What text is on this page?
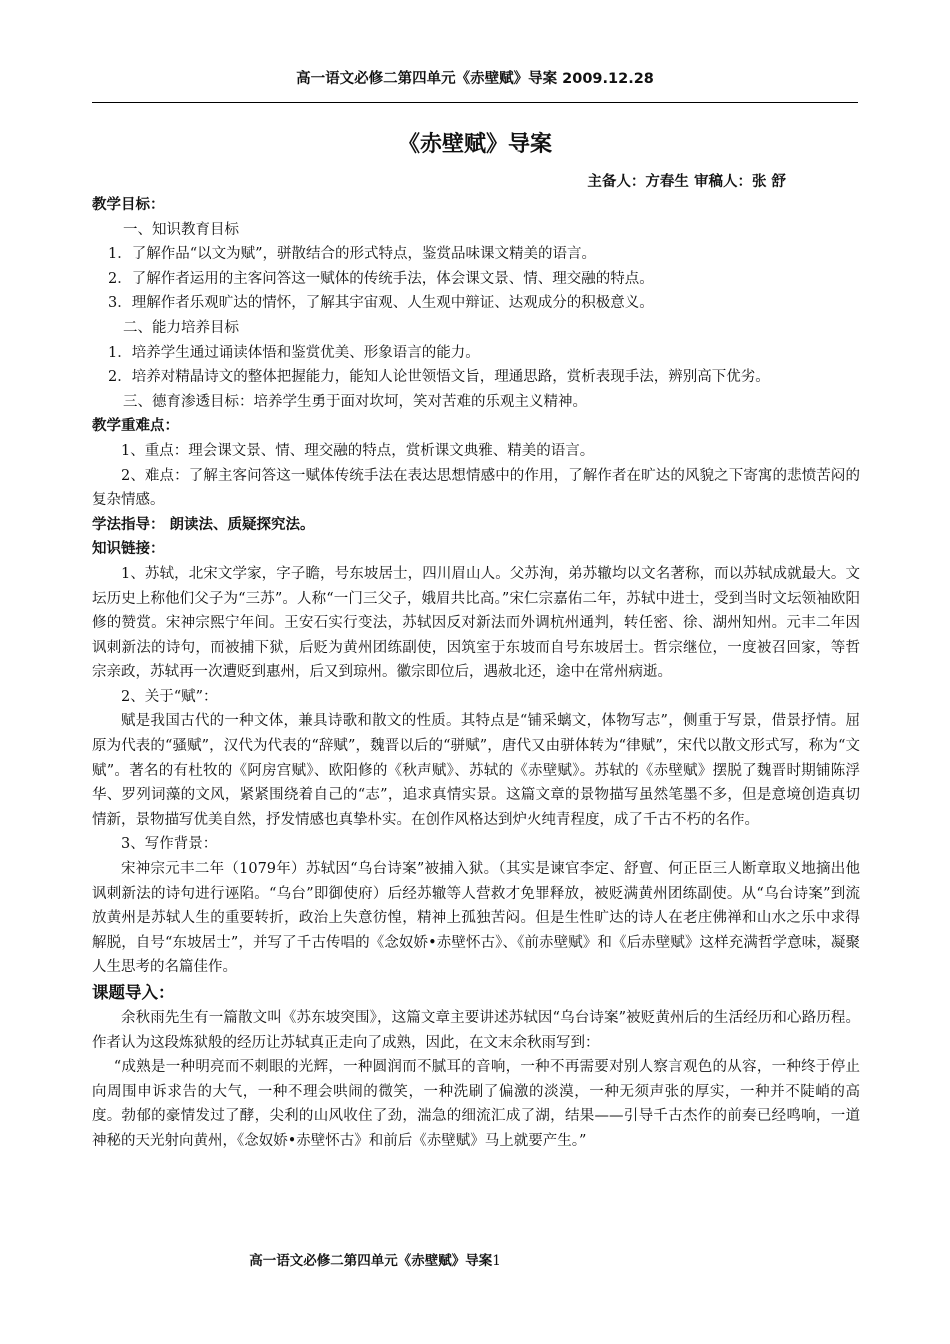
高一语文必修二第四单元《赤壁赋》导案 2009.12.28
《赤壁赋》导案
主备人：方春生 审稿人：张 舒

教学目标：

一、知识教育目标

1．了解作品“以文为赋”，骈散结合的形式特点，鉴赏品味课文精美的语言。

2．了解作者运用的主客问答这一赋体的传统手法，体会课文景、情、理交融的特点。

3．理解作者乐观旷达的情怀，了解其宇宙观、人生观中辩证、达观成分的积极意义。

二、能力培养目标

1．培养学生通过诵读体悟和鉴赏优美、形象语言的能力。

2．培养对精晶诗文的整体把握能力，能知人论世领悟文旨，理通思路，赏析表现手法，辨别高下优劣。

三、德育渗透目标：培养学生勇于面对坎坷，笑对苦难的乐观主义精神。

教学重难点：

1、重点：理会课文景、情、理交融的特点，赏析课文典雅、精美的语言。

2、难点：了解主客问答这一赋体传统手法在表达思想情感中的作用，了解作者在旷达的风貌之下寄寓的悲愤苦闷的复杂情感。

学法指导： 朗读法、质疑探究法。

知识链接：

1、苏轼，北宋文学家，字子瞻，号东坡居士，四川眉山人。父苏洵，弟苏辙均以文名著称，而以苏轼成就最大。文坛历史上称他们父子为“三苏”。人称“一门三父子，娥眉共比高。”宋仁宗嘉佑二年，苏轼中进士，受到当时文坛领袖欧阳修的赞赏。宋神宗熙宁年间。王安石实行变法，苏轼因反对新法而外调杭州通判，转任密、徐、湖州知州。元丰二年因讽刺新法的诗句，而被捕下狱，后贬为黄州团练副使，因筑室于东坡而自号东坡居士。哲宗继位，一度被召回家，等哲宗亲政，苏轼再一次遭贬到惠州，后又到琼州。徽宗即位后，遇赦北还，途中在常州病逝。

2、关于“赋”：

赋是我国古代的一种文体，兼具诗歌和散文的性质。其特点是“铺采螭文，体物写志”，侧重于写景，借景抒情。屈原为代表的“骚赋”，汉代为代表的“辞赋”，魏晋以后的“骈赋”，唐代又由骈体转为“律赋”，宋代以散文形式写，称为“文赋”。著名的有杜牧的《阿房宫赋》、欧阳修的《秋声赋》、苏轼的《赤壁赋》。苏轼的《赤壁赋》摆脱了魏晋时期铺陈浮华、罗列词藻的文风，紧紧围绕着自己的“志”，追求真情实景。这篇文章的景物描写虽然笔墨不多，但是意境创造真切情新，景物描写优美自然，抒发情感也真挚朴实。在创作风格达到炉火纯青程度，成了千古不朽的名作。

3、写作背景：

宋神宗元丰二年（1079年）苏轼因“乌台诗案”被捕入狱。（其实是谏官李定、舒亶、何正臣三人断章取义地摘出他讽刺新法的诗句进行诬陷。“乌台”即御使府）后经苏辙等人营救才免罪释放，被贬满黄州团练副使。从“乌台诗案”到流放黄州是苏轼人生的重要转折，政治上失意彷惶，精神上孤独苦闷。但是生性旷达的诗人在老庄佛禅和山水之乐中求得解脱，自号“东坡居士”，并写了千古传唱的《念奴娇•赤壁怀古》、《前赤壁赋》和《后赤壁赋》这样充满哲学意味，凝聚人生思考的名篇佳作。

课题导入：

余秋雨先生有一篇散文叫《苏东坡突围》，这篇文章主要讲述苏轼因“乌台诗案”被贬黄州后的生活经历和心路历程。作者认为这段炼狱般的经历让苏轼真正走向了成熟，因此，在文末余秋雨写到：

“成熟是一种明亮而不刺眼的光辉，一种圆润而不腻耳的音响，一种不再需要对别人察言观色的从容，一种终于停止向周围申诉求告的大气，一种不理会哄闹的微笑，一种洗刷了偏激的淡漠，一种无须声张的厚实，一种并不陡峭的高度。勃郁的豪情发过了酵，尖利的山风收住了劲，湍急的细流汇成了湖，结果——引导千古杰作的前奏已经鸣响，一道神秘的天光射向黄州，《念奴娇•赤壁怀古》和前后《赤壁赋》马上就要产生。”

高一语文必修二第四单元《赤壁赋》导案1
